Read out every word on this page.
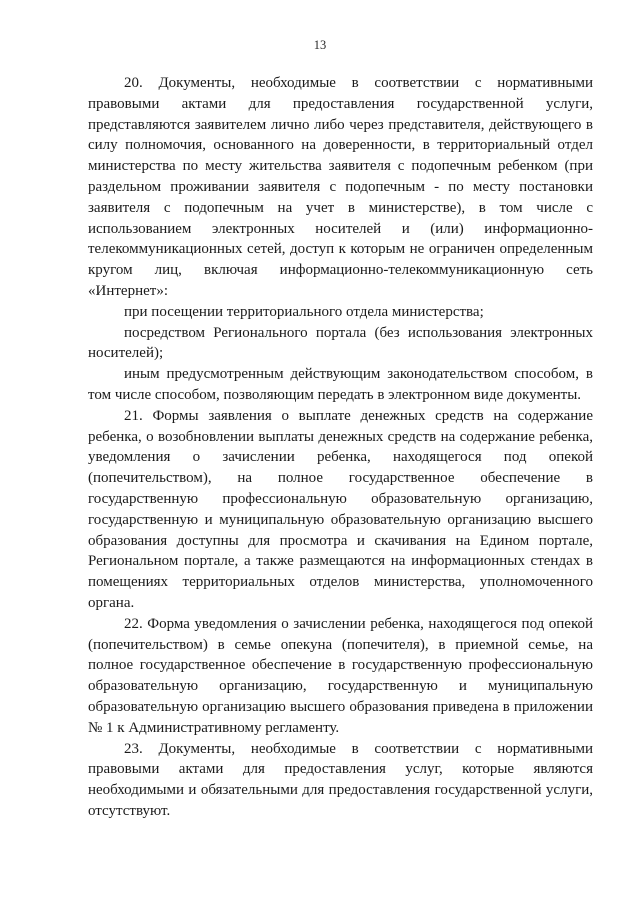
13

20. Документы, необходимые в соответствии с нормативными правовыми актами для предоставления государственной услуги, представляются заявителем лично либо через представителя, действующего в силу полномочия, основанного на доверенности, в территориальный отдел министерства по месту жительства заявителя с подопечным ребенком (при раздельном проживании заявителя с подопечным - по месту постановки заявителя с подопечным на учет в министерстве), в том числе с использованием электронных носителей и (или) информационно-телекоммуникационных сетей, доступ к которым не ограничен определенным кругом лиц, включая информационно-телекоммуникационную сеть «Интернет»:

при посещении территориального отдела министерства;

посредством Регионального портала (без использования электронных носителей);

иным предусмотренным действующим законодательством способом, в том числе способом, позволяющим передать в электронном виде документы.

21. Формы заявления о выплате денежных средств на содержание ребенка, о возобновлении выплаты денежных средств на содержание ребенка, уведомления о зачислении ребенка, находящегося под опекой (попечительством), на полное государственное обеспечение в государственную профессиональную образовательную организацию, государственную и муниципальную образовательную организацию высшего образования доступны для просмотра и скачивания на Едином портале, Региональном портале, а также размещаются на информационных стендах в помещениях территориальных отделов министерства, уполномоченного органа.

22. Форма уведомления о зачислении ребенка, находящегося под опекой (попечительством) в семье опекуна (попечителя), в приемной семье, на полное государственное обеспечение в государственную профессиональную образовательную организацию, государственную и муниципальную образовательную организацию высшего образования приведена в приложении № 1 к Административному регламенту.

23. Документы, необходимые в соответствии с нормативными правовыми актами для предоставления услуг, которые являются необходимыми и обязательными для предоставления государственной услуги, отсутствуют.
